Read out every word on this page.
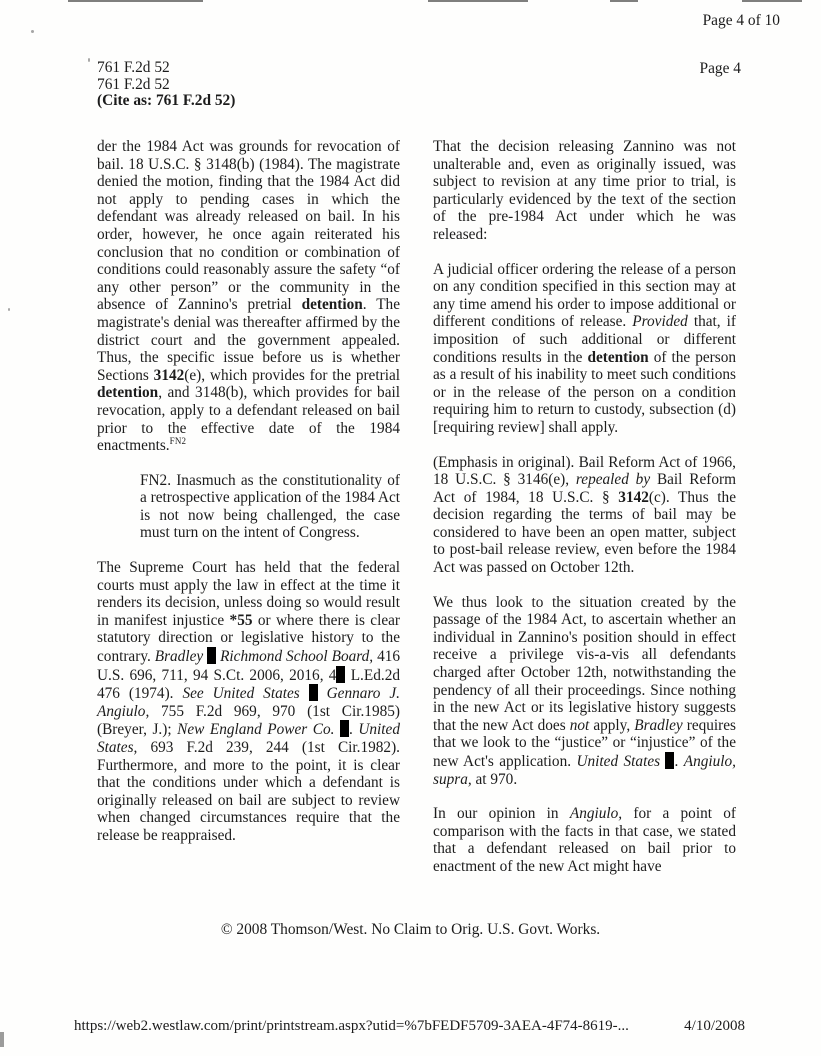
Page 4 of 10
761 F.2d 52
761 F.2d 52
(Cite as: 761 F.2d 52)
Page 4

der the 1984 Act was grounds for revocation of bail. 18 U.S.C. § 3148(b) (1984). The magistrate denied the motion, finding that the 1984 Act did not apply to pending cases in which the defendant was already released on bail. In his order, however, he once again reiterated his conclusion that no condition or combination of conditions could reasonably assure the safety “of any other person” or the community in the absence of Zannino's pretrial detention. The magistrate's denial was thereafter affirmed by the district court and the government appealed. Thus, the specific issue before us is whether Sections 3142(e), which provides for the pretrial detention, and 3148(b), which provides for bail revocation, apply to a defendant released on bail prior to the effective date of the 1984 enactments.$^{FN2}$

FN2. Inasmuch as the constitutionality of a retrospective application of the 1984 Act is not now being challenged, the case must turn on the intent of Congress.

The Supreme Court has held that the federal courts must apply the law in effect at the time it renders its decision, unless doing so would result in manifest injustice *55 or where there is clear statutory direction or legislative history to the contrary. Bradley Richmond School Board, 416 U.S. 696, 711, 94 S.Ct. 2006, 2016, 4 L.Ed.2d 476 (1974). See United States Gennaro J. Angiulo, 755 F.2d 969, 970 (1st Cir.1985) (Breyer, J.); New England Power Co. . United States, 693 F.2d 239, 244 (1st Cir.1982). Furthermore, and more to the point, it is clear that the conditions under which a defendant is originally released on bail are subject to review when changed circumstances require that the release be reappraised.

That the decision releasing Zannino was not unalterable and, even as originally issued, was subject to revision at any time prior to trial, is particularly evidenced by the text of the section of the pre-1984 Act under which he was released:

A judicial officer ordering the release of a person on any condition specified in this section may at any time amend his order to impose additional or different conditions of release. Provided that, if imposition of such additional or different conditions results in the detention of the person as a result of his inability to meet such conditions or in the release of the person on a condition requiring him to return to custody, subsection (d) [requiring review] shall apply.

(Emphasis in original). Bail Reform Act of 1966, 18 U.S.C. § 3146(e), repealed by Bail Reform Act of 1984, 18 U.S.C. § 3142(c). Thus the decision regarding the terms of bail may be considered to have been an open matter, subject to post-bail release review, even before the 1984 Act was passed on October 12th.

We thus look to the situation created by the passage of the 1984 Act, to ascertain whether an individual in Zannino's position should in effect receive a privilege vis-a-vis all defendants charged after October 12th, notwithstanding the pendency of all their proceedings. Since nothing in the new Act or its legislative history suggests that the new Act does not apply, Bradley requires that we look to the “justice” or “injustice” of the new Act's application. United States . Angiulo, supra, at 970.

In our opinion in Angiulo, for a point of comparison with the facts in that case, we stated that a defendant released on bail prior to enactment of the new Act might have

© 2008 Thomson/West. No Claim to Orig. U.S. Govt. Works.
https://web2.westlaw.com/print/printstream.aspx?utid=%7bFEDF5709-3AEA-4F74-8619-...	4/10/2008
